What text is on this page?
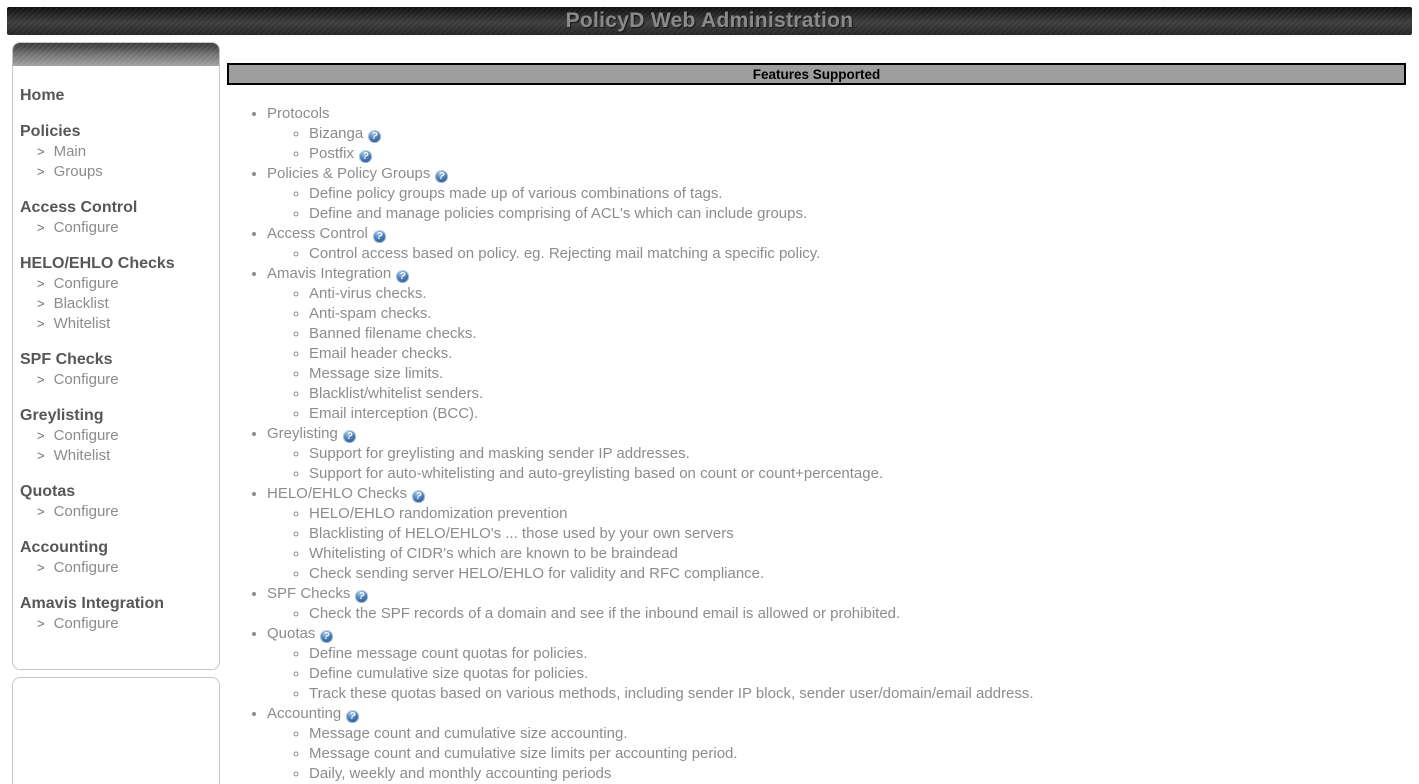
PolicyD Web Administration
Home
Policies
> Main
> Groups
Access Control
> Configure
HELO/EHLO Checks
> Configure
> Blacklist
> Whitelist
SPF Checks
> Configure
Greylisting
> Configure
> Whitelist
Quotas
> Configure
Accounting
> Configure
Amavis Integration
> Configure
Features Supported
• Protocols
◦ Bizanga ?
◦ Postfix ?
• Policies & Policy Groups ?
◦ Define policy groups made up of various combinations of tags.
◦ Define and manage policies comprising of ACL's which can include groups.
• Access Control ?
◦ Control access based on policy. eg. Rejecting mail matching a specific policy.
• Amavis Integration ?
◦ Anti-virus checks.
◦ Anti-spam checks.
◦ Banned filename checks.
◦ Email header checks.
◦ Message size limits.
◦ Blacklist/whitelist senders.
◦ Email interception (BCC).
• Greylisting ?
◦ Support for greylisting and masking sender IP addresses.
◦ Support for auto-whitelisting and auto-greylisting based on count or count+percentage.
• HELO/EHLO Checks ?
◦ HELO/EHLO randomization prevention
◦ Blacklisting of HELO/EHLO's ... those used by your own servers
◦ Whitelisting of CIDR's which are known to be braindead
◦ Check sending server HELO/EHLO for validity and RFC compliance.
• SPF Checks ?
◦ Check the SPF records of a domain and see if the inbound email is allowed or prohibited.
• Quotas ?
◦ Define message count quotas for policies.
◦ Define cumulative size quotas for policies.
◦ Track these quotas based on various methods, including sender IP block, sender user/domain/email address.
• Accounting ?
◦ Message count and cumulative size accounting.
◦ Message count and cumulative size limits per accounting period.
◦ Daily, weekly and monthly accounting periods
